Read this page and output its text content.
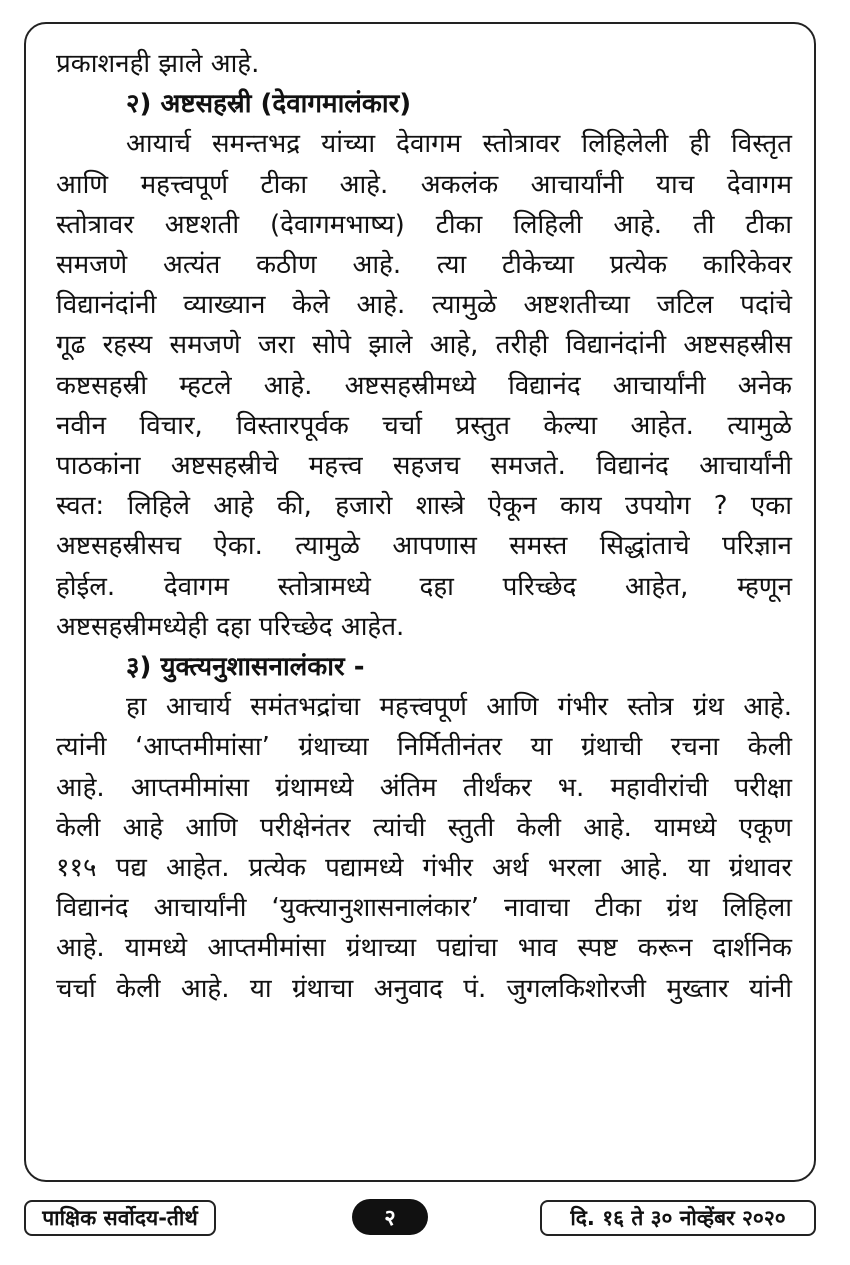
प्रकाशनही झाले आहे.
२) अष्टसहस्री (देवागमालंकार)
आयार्च समन्तभद्र यांच्या देवागम स्तोत्रावर लिहिलेली ही विस्तृत
आणि महत्त्वपूर्ण टीका आहे. अकलंक आचार्यांनी याच देवागम
स्तोत्रावर अष्टशती (देवागमभाष्य) टीका लिहिली आहे. ती टीका
समजणे अत्यंत कठीण आहे. त्या टीकेच्या प्रत्येक कारिकेवर
विद्यानंदांनी व्याख्यान केले आहे. त्यामुळे अष्टशतीच्या जटिल पदांचे
गूढ रहस्य समजणे जरा सोपे झाले आहे, तरीही विद्यानंदांनी अष्टसहस्रीस
कष्टसहस्री म्हटले आहे. अष्टसहस्रीमध्ये विद्यानंद आचार्यांनी अनेक
नवीन विचार, विस्तारपूर्वक चर्चा प्रस्तुत केल्या आहेत. त्यामुळे
पाठकांना अष्टसहस्रीचे महत्त्व सहजच समजते. विद्यानंद आचार्यांनी
स्वत: लिहिले आहे की, हजारो शास्त्रे ऐकून काय उपयोग ? एका
अष्टसहस्रीसच ऐका. त्यामुळे आपणास समस्त सिद्धांताचे परिज्ञान
होईल. देवागम स्तोत्रामध्ये दहा परिच्छेद आहेत, म्हणून
अष्टसहस्रीमध्येही दहा परिच्छेद आहेत.
३) युक्त्यनुशासनालंकार -
हा आचार्य समंतभद्रांचा महत्त्वपूर्ण आणि गंभीर स्तोत्र ग्रंथ आहे.
त्यांनी ‘आप्तमीमांसा’ ग्रंथाच्या निर्मितीनंतर या ग्रंथाची रचना केली
आहे. आप्तमीमांसा ग्रंथामध्ये अंतिम तीर्थंकर भ. महावीरांची परीक्षा
केली आहे आणि परीक्षेनंतर त्यांची स्तुती केली आहे. यामध्ये एकूण
११५ पद्य आहेत. प्रत्येक पद्यामध्ये गंभीर अर्थ भरला आहे. या ग्रंथावर
विद्यानंद आचार्यांनी ‘युक्त्यानुशासनालंकार’ नावाचा टीका ग्रंथ लिहिला
आहे. यामध्ये आप्तमीमांसा ग्रंथाच्या पद्यांचा भाव स्पष्ट करून दार्शनिक
चर्चा केली आहे. या ग्रंथाचा अनुवाद पं. जुगलकिशोरजी मुख्तार यांनी
पाक्षिक सर्वोदय-तीर्थ	२	दि. १६ ते ३० नोव्हेंबर २०२०
